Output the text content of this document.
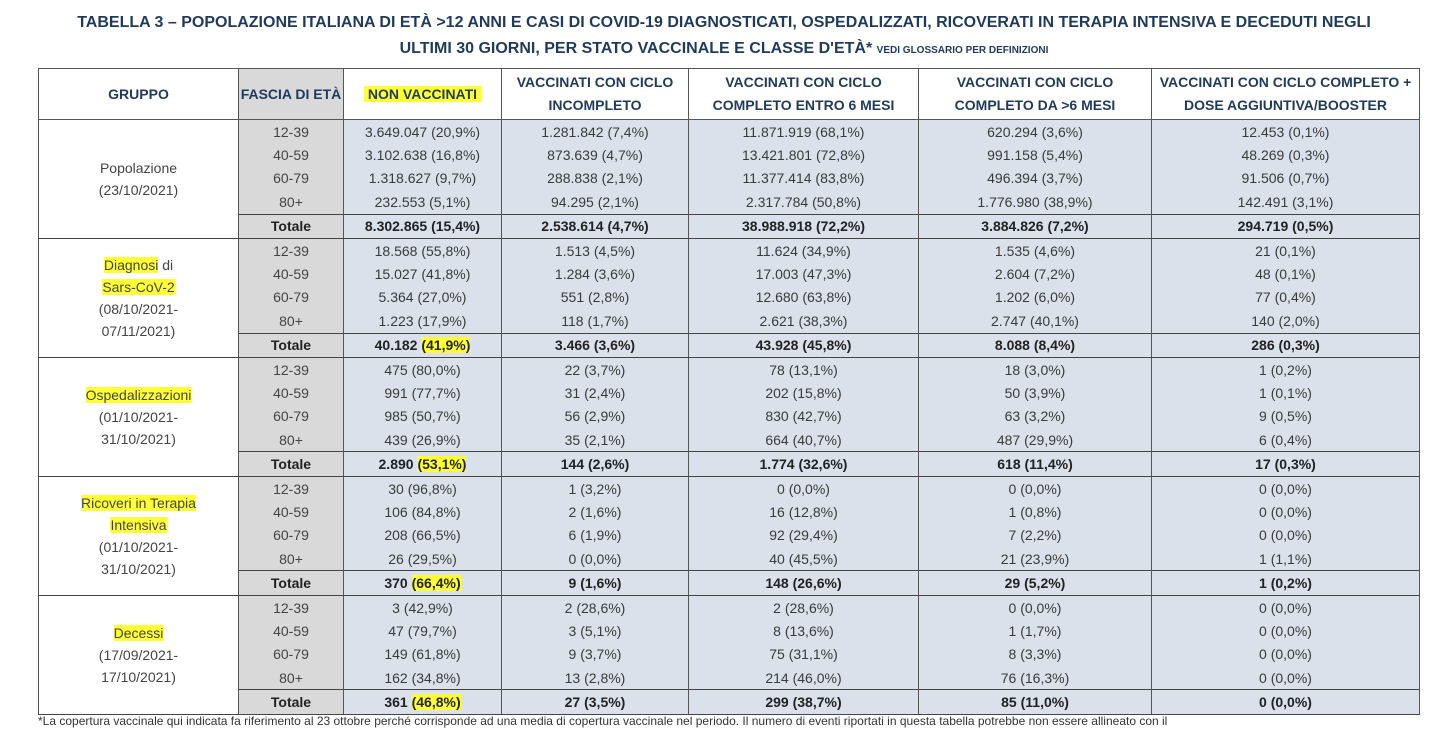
TABELLA 3 – POPOLAZIONE ITALIANA DI ETÀ >12 ANNI E CASI DI COVID-19 DIAGNOSTICATI, OSPEDALIZZATI, RICOVERATI IN TERAPIA INTENSIVA E DECEDUTI NEGLI
ULTIMI 30 GIORNI, PER STATO VACCINALE E CLASSE D'ETÀ* VEDI GLOSSARIO PER DEFINIZIONI
GRUPPO	FASCIA DI ETÀ	NON VACCINATI	VACCINATI CON CICLO INCOMPLETO	VACCINATI CON CICLO COMPLETO ENTRO 6 MESI	VACCINATI CON CICLO COMPLETO DA >6 MESI	VACCINATI CON CICLO COMPLETO + DOSE AGGIUNTIVA/BOOSTER

Popolazione
(23/10/2021)	12-39	3.649.047 (20,9%)	1.281.842 (7,4%)	11.871.919 (68,1%)	620.294 (3,6%)	12.453 (0,1%)
	40-59	3.102.638 (16,8%)	873.639 (4,7%)	13.421.801 (72,8%)	991.158 (5,4%)	48.269 (0,3%)
	60-79	1.318.627 (9,7%)	288.838 (2,1%)	11.377.414 (83,8%)	496.394 (3,7%)	91.506 (0,7%)
	80+	232.553 (5,1%)	94.295 (2,1%)	2.317.784 (50,8%)	1.776.980 (38,9%)	142.491 (3,1%)
	Totale	8.302.865 (15,4%)	2.538.614 (4,7%)	38.988.918 (72,2%)	3.884.826 (7,2%)	294.719 (0,5%)

Diagnosi di
Sars-CoV-2
(08/10/2021-
07/11/2021)	12-39	18.568 (55,8%)	1.513 (4,5%)	11.624 (34,9%)	1.535 (4,6%)	21 (0,1%)
	40-59	15.027 (41,8%)	1.284 (3,6%)	17.003 (47,3%)	2.604 (7,2%)	48 (0,1%)
	60-79	5.364 (27,0%)	551 (2,8%)	12.680 (63,8%)	1.202 (6,0%)	77 (0,4%)
	80+	1.223 (17,9%)	118 (1,7%)	2.621 (38,3%)	2.747 (40,1%)	140 (2,0%)
	Totale	40.182 (41,9%)	3.466 (3,6%)	43.928 (45,8%)	8.088 (8,4%)	286 (0,3%)

Ospedalizzazioni
(01/10/2021-
31/10/2021)	12-39	475 (80,0%)	22 (3,7%)	78 (13,1%)	18 (3,0%)	1 (0,2%)
	40-59	991 (77,7%)	31 (2,4%)	202 (15,8%)	50 (3,9%)	1 (0,1%)
	60-79	985 (50,7%)	56 (2,9%)	830 (42,7%)	63 (3,2%)	9 (0,5%)
	80+	439 (26,9%)	35 (2,1%)	664 (40,7%)	487 (29,9%)	6 (0,4%)
	Totale	2.890 (53,1%)	144 (2,6%)	1.774 (32,6%)	618 (11,4%)	17 (0,3%)

Ricoveri in Terapia
Intensiva
(01/10/2021-
31/10/2021)	12-39	30 (96,8%)	1 (3,2%)	0 (0,0%)	0 (0,0%)	0 (0,0%)
	40-59	106 (84,8%)	2 (1,6%)	16 (12,8%)	1 (0,8%)	0 (0,0%)
	60-79	208 (66,5%)	6 (1,9%)	92 (29,4%)	7 (2,2%)	0 (0,0%)
	80+	26 (29,5%)	0 (0,0%)	40 (45,5%)	21 (23,9%)	1 (1,1%)
	Totale	370 (66,4%)	9 (1,6%)	148 (26,6%)	29 (5,2%)	1 (0,2%)

Decessi
(17/09/2021-
17/10/2021)	12-39	3 (42,9%)	2 (28,6%)	2 (28,6%)	0 (0,0%)	0 (0,0%)
	40-59	47 (79,7%)	3 (5,1%)	8 (13,6%)	1 (1,7%)	0 (0,0%)
	60-79	149 (61,8%)	9 (3,7%)	75 (31,1%)	8 (3,3%)	0 (0,0%)
	80+	162 (34,8%)	13 (2,8%)	214 (46,0%)	76 (16,3%)	0 (0,0%)
	Totale	361 (46,8%)	27 (3,5%)	299 (38,7%)	85 (11,0%)	0 (0,0%)
*La copertura vaccinale qui indicata fa riferimento al 23 ottobre perché corrisponde ad una media di copertura vaccinale nel periodo. Il numero di eventi riportati in questa tabella potrebbe non essere allineato con il
